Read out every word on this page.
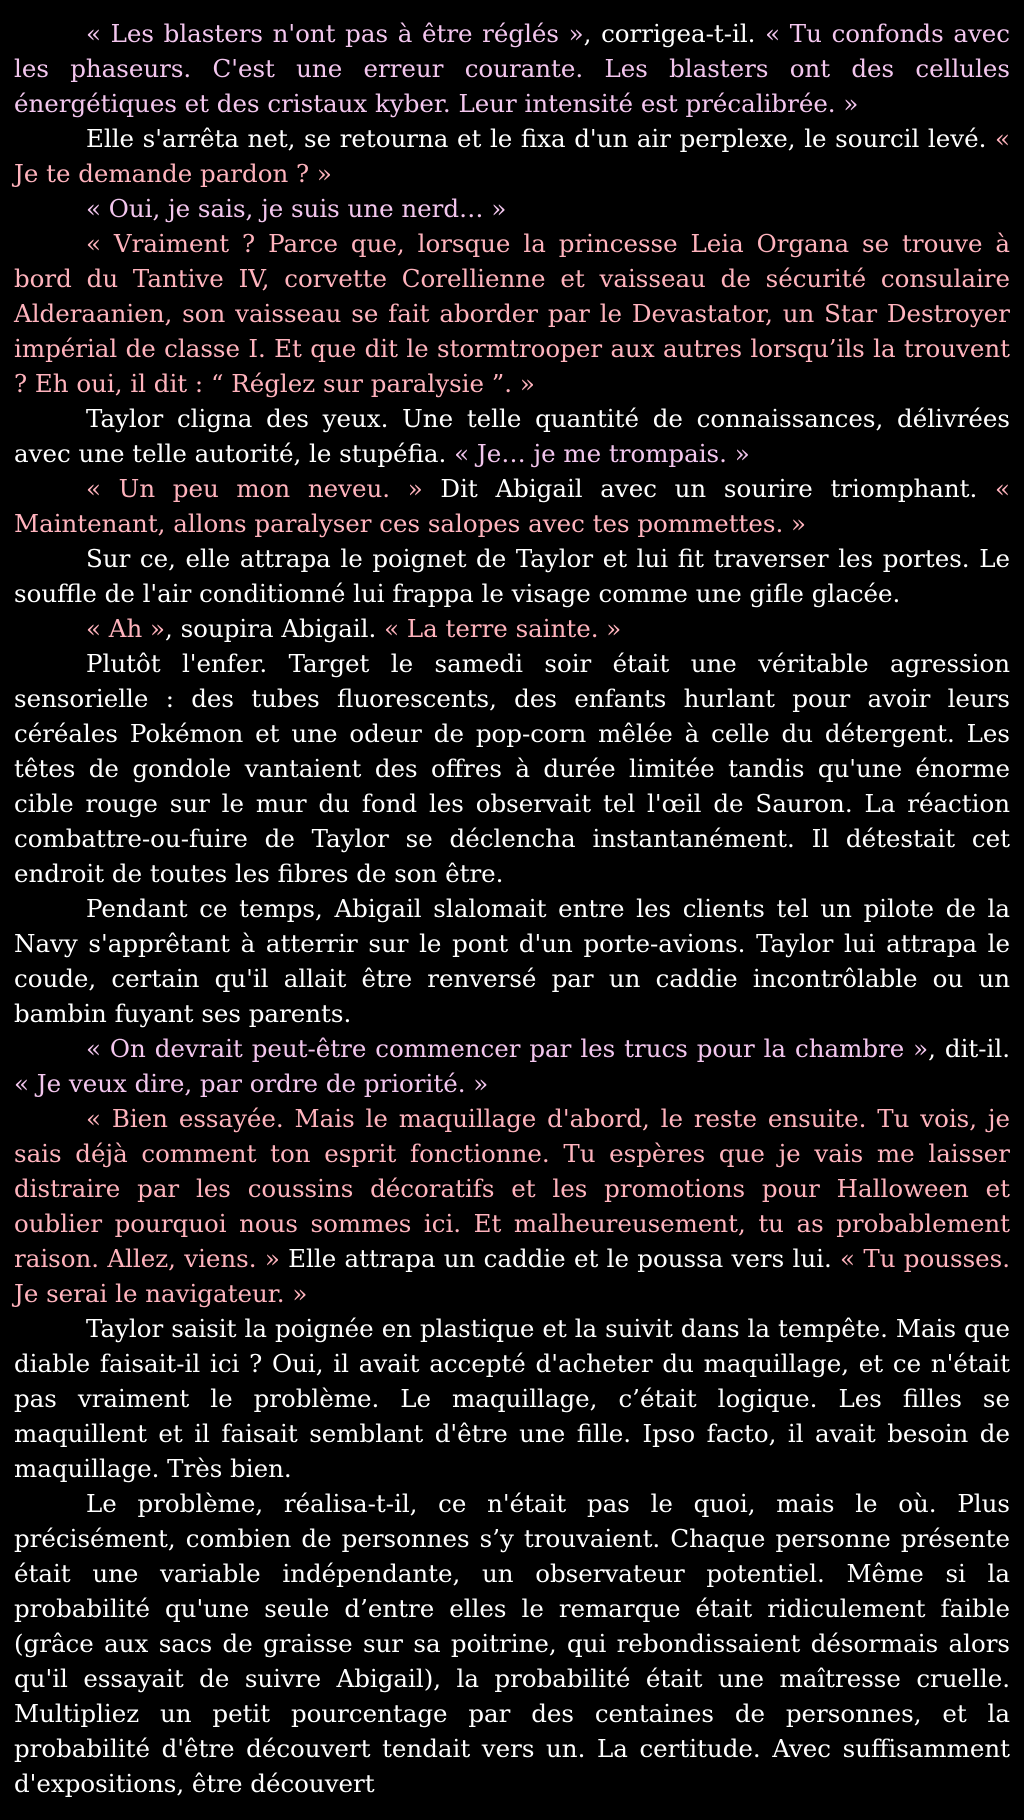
« Les blasters n'ont pas à être réglés », corrigea-t-il. « Tu confonds avec les phaseurs. C'est une erreur courante. Les blasters ont des cellules énergétiques et des cristaux kyber. Leur intensité est précalibrée. »

Elle s'arrêta net, se retourna et le fixa d'un air perplexe, le sourcil levé. « Je te demande pardon ? »

« Oui, je sais, je suis une nerd… »

« Vraiment ? Parce que, lorsque la princesse Leia Organa se trouve à bord du Tantive IV, corvette Corellienne et vaisseau de sécurité consulaire Alderaanien, son vaisseau se fait aborder par le Devastator, un Star Destroyer impérial de classe I. Et que dit le stormtrooper aux autres lorsqu’ils la trouvent ? Eh oui, il dit : “ Réglez sur paralysie ”. »

Taylor cligna des yeux. Une telle quantité de connaissances, délivrées avec une telle autorité, le stupéfia. « Je… je me trompais. »

« Un peu mon neveu. » Dit Abigail avec un sourire triomphant. « Maintenant, allons paralyser ces salopes avec tes pommettes. »

Sur ce, elle attrapa le poignet de Taylor et lui fit traverser les portes. Le souffle de l'air conditionné lui frappa le visage comme une gifle glacée.

« Ah », soupira Abigail. « La terre sainte. »

Plutôt l'enfer. Target le samedi soir était une véritable agression sensorielle : des tubes fluorescents, des enfants hurlant pour avoir leurs céréales Pokémon et une odeur de pop-corn mêlée à celle du détergent. Les têtes de gondole vantaient des offres à durée limitée tandis qu'une énorme cible rouge sur le mur du fond les observait tel l'œil de Sauron. La réaction combattre-ou-fuire de Taylor se déclencha instantanément. Il détestait cet endroit de toutes les fibres de son être.

Pendant ce temps, Abigail slalomait entre les clients tel un pilote de la Navy s'apprêtant à atterrir sur le pont d'un porte-avions. Taylor lui attrapa le coude, certain qu'il allait être renversé par un caddie incontrôlable ou un bambin fuyant ses parents.

« On devrait peut-être commencer par les trucs pour la chambre », dit-il. « Je veux dire, par ordre de priorité. »

« Bien essayée. Mais le maquillage d'abord, le reste ensuite. Tu vois, je sais déjà comment ton esprit fonctionne. Tu espères que je vais me laisser distraire par les coussins décoratifs et les promotions pour Halloween et oublier pourquoi nous sommes ici. Et malheureusement, tu as probablement raison. Allez, viens. » Elle attrapa un caddie et le poussa vers lui. « Tu pousses. Je serai le navigateur. »

Taylor saisit la poignée en plastique et la suivit dans la tempête. Mais que diable faisait-il ici ? Oui, il avait accepté d'acheter du maquillage, et ce n'était pas vraiment le problème. Le maquillage, c’était logique. Les filles se maquillent et il faisait semblant d'être une fille. Ipso facto, il avait besoin de maquillage. Très bien.

Le problème, réalisa-t-il, ce n'était pas le quoi, mais le où. Plus précisément, combien de personnes s’y trouvaient. Chaque personne présente était une variable indépendante, un observateur potentiel. Même si la probabilité qu'une seule d’entre elles le remarque était ridiculement faible (grâce aux sacs de graisse sur sa poitrine, qui rebondissaient désormais alors qu'il essayait de suivre Abigail), la probabilité était une maîtresse cruelle. Multipliez un petit pourcentage par des centaines de personnes, et la probabilité d'être découvert tendait vers un. La certitude. Avec suffisamment d'expositions, être découvert
